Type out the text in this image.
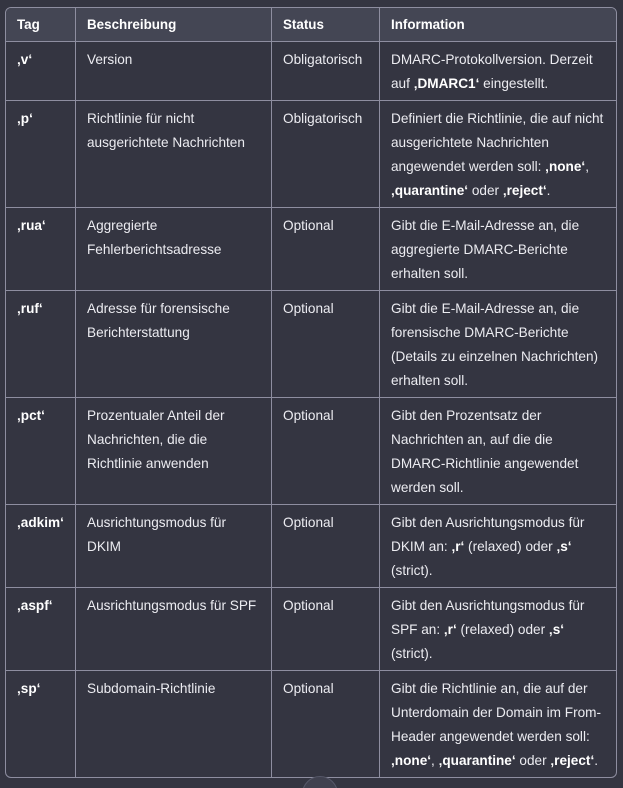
Tag	Beschreibung	Status	Information
‚v‘	Version	Obligatorisch	DMARC-Protokollversion. Derzeit auf ‚DMARC1‘ eingestellt.
‚p‘	Richtlinie für nicht ausgerichtete Nachrichten	Obligatorisch	Definiert die Richtlinie, die auf nicht ausgerichtete Nachrichten angewendet werden soll: ‚none‘, ‚quarantine‘ oder ‚reject‘.
‚rua‘	Aggregierte Fehlerberichtsadresse	Optional	Gibt die E-Mail-Adresse an, die aggregierte DMARC-Berichte erhalten soll.
‚ruf‘	Adresse für forensische Berichterstattung	Optional	Gibt die E-Mail-Adresse an, die forensische DMARC-Berichte (Details zu einzelnen Nachrichten) erhalten soll.
‚pct‘	Prozentualer Anteil der Nachrichten, die die Richtlinie anwenden	Optional	Gibt den Prozentsatz der Nachrichten an, auf die die DMARC-Richtlinie angewendet werden soll.
‚adkim‘	Ausrichtungsmodus für DKIM	Optional	Gibt den Ausrichtungsmodus für DKIM an: ‚r‘ (relaxed) oder ‚s‘ (strict).
‚aspf‘	Ausrichtungsmodus für SPF	Optional	Gibt den Ausrichtungsmodus für SPF an: ‚r‘ (relaxed) oder ‚s‘ (strict).
‚sp‘	Subdomain-Richtlinie	Optional	Gibt die Richtlinie an, die auf der Unterdomain der Domain im From-Header angewendet werden soll: ‚none‘, ‚quarantine‘ oder ‚reject‘.
